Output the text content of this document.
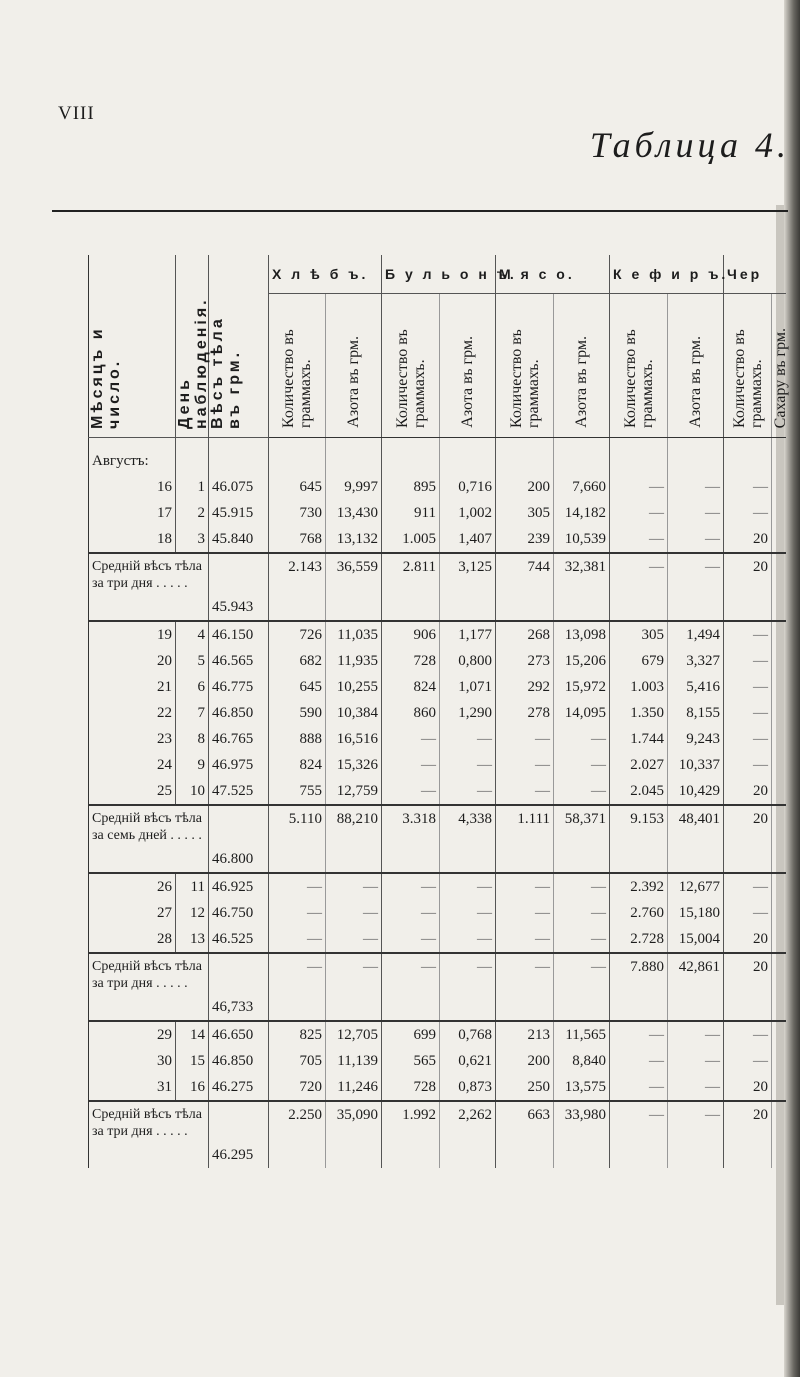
VIII
Таблица 4.
Мѣсяцъ и число.	День наблюденія.	Вѣсъ тѣла въ грм.	Х л ѣ б ъ.		Б у л ь о н ъ.		М я с о.		К е ф и р ъ.		Чер	
			Количество въ граммахъ.	Азота въ грм.	Количество въ граммахъ.	Азота въ грм.	Количество въ граммахъ.	Азота въ грм.	Количество въ граммахъ.	Азота въ грм.	Количество въ граммахъ.	Сахару въ грм.
Августъ:												
16	1	46.075	645	9,997	895	0,716	200	7,660	—	—	—	
17	2	45.915	730	13,430	911	1,002	305	14,182	—	—	—	
18	3	45.840	768	13,132	1.005	1,407	239	10,539	—	—	20	
Средній вѣсъ тѣла за три дня . . . . .		45.943	2.143	36,559	2.811	3,125	744	32,381	—	—	20	
19	4	46.150	726	11,035	906	1,177	268	13,098	305	1,494	—	
20	5	46.565	682	11,935	728	0,800	273	15,206	679	3,327	—	
21	6	46.775	645	10,255	824	1,071	292	15,972	1.003	5,416	—	
22	7	46.850	590	10,384	860	1,290	278	14,095	1.350	8,155	—	
23	8	46.765	888	16,516	—	—	—	—	1.744	9,243	—	
24	9	46.975	824	15,326	—	—	—	—	2.027	10,337	—	
25	10	47.525	755	12,759	—	—	—	—	2.045	10,429	20	
Средній вѣсъ тѣла за семь дней . . . . .		46.800	5.110	88,210	3.318	4,338	1.111	58,371	9.153	48,401	20	
26	11	46.925	—	—	—	—	—	—	2.392	12,677	—	
27	12	46.750	—	—	—	—	—	—	2.760	15,180	—	
28	13	46.525	—	—	—	—	—	—	2.728	15,004	20	
Средній вѣсъ тѣла за три дня . . . . .		46,733	—	—	—	—	—	—	7.880	42,861	20	
29	14	46.650	825	12,705	699	0,768	213	11,565	—	—	—	
30	15	46.850	705	11,139	565	0,621	200	8,840	—	—	—	
31	16	46.275	720	11,246	728	0,873	250	13,575	—	—	20	
Средній вѣсъ тѣла за три дня . . . . .		46.295	2.250	35,090	1.992	2,262	663	33,980	—	—	20	
